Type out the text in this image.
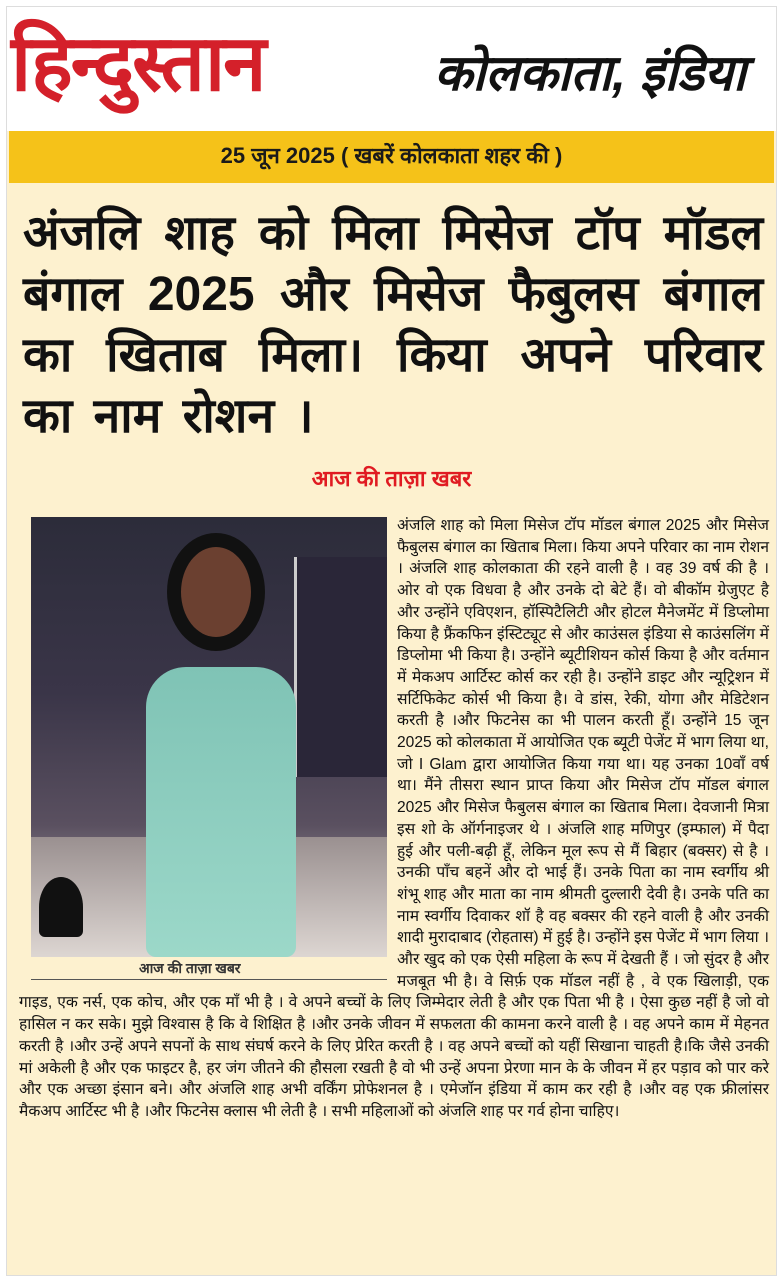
हिन्दुस्तान	कोलकाता, इंडिया
25 जून 2025 ( खबरें कोलकाता शहर की )
अंजलि शाह को मिला मिसेज टॉप मॉडल बंगाल 2025 और मिसेज फैबुलस बंगाल का खिताब मिला। किया अपने परिवार का नाम रोशन ।
आज की ताज़ा खबर
आज की ताज़ा खबर
अंजलि शाह को मिला मिसेज टॉप मॉडल बंगाल 2025 और मिसेज फैबुलस बंगाल का खिताब मिला। किया अपने परिवार का नाम रोशन । अंजलि शाह कोलकाता की रहने वाली है । वह 39 वर्ष की है । ओर वो एक विधवा है और उनके दो बेटे हैं। वो बीकॉम ग्रेजुएट है और उन्होंने एविएशन, हॉस्पिटैलिटी और होटल मैनेजमेंट में डिप्लोमा किया है फ्रैंकफिन इंस्टिट्यूट से और काउंसल इंडिया से काउंसलिंग में डिप्लोमा भी किया है। उन्होंने ब्यूटीशियन कोर्स किया है और वर्तमान में मेकअप आर्टिस्ट कोर्स कर रही है। उन्होंने डाइट और न्यूट्रिशन में सर्टिफिकेट कोर्स भी किया है। वे डांस, रेकी, योगा और मेडिटेशन करती है ।और फिटनेस का भी पालन करती हूँ। उन्होंने 15 जून 2025 को कोलकाता में आयोजित एक ब्यूटी पेजेंट में भाग लिया था, जो I Glam द्वारा आयोजित किया गया था। यह उनका 10वाँ वर्ष था। मैंने तीसरा स्थान प्राप्त किया और मिसेज टॉप मॉडल बंगाल 2025 और मिसेज फैबुलस बंगाल का खिताब मिला। देवजानी मित्रा इस शो के ऑर्गनाइजर थे । अंजलि शाह मणिपुर (इम्फाल) में पैदा हुई और पली-बढ़ी हूँ, लेकिन मूल रूप से मैं बिहार (बक्सर) से है । उनकी पाँच बहनें और दो भाई हैं। उनके पिता का नाम स्वर्गीय श्री शंभू शाह और माता का नाम श्रीमती दुल्लारी देवी है। उनके पति का नाम स्वर्गीय दिवाकर शॉ है वह बक्सर की रहने वाली है और उनकी शादी मुरादाबाद (रोहतास) में हुई है। उन्होंने इस पेजेंट में भाग लिया । और खुद को एक ऐसी महिला के रूप में देखती हैं । जो सुंदर है और मजबूत भी है। वे सिर्फ़ एक मॉडल नहीं है , वे एक खिलाड़ी, एक गाइड, एक नर्स, एक कोच, और एक माँ भी है । वे अपने बच्चों के लिए जिम्मेदार लेती है और एक पिता भी है । ऐसा कुछ नहीं है जो वो हासिल न कर सके। मुझे विश्वास है कि वे शिक्षित है ।और उनके जीवन में सफलता की कामना करने वाली है । वह अपने काम में मेहनत करती है ।और उन्हें अपने सपनों के साथ संघर्ष करने के लिए प्रेरित करती है । वह अपने बच्चों को यहीं सिखाना चाहती है।कि जैसे उनकी मां अकेली है और एक फाइटर है, हर जंग जीतने की हौसला रखती है वो भी उन्हें अपना प्रेरणा मान के के जीवन में हर पड़ाव को पार करे और एक अच्छा इंसान बने। और अंजलि शाह अभी वर्किंग प्रोफेशनल है । एमेजॉन इंडिया में काम कर रही है ।और वह एक फ्रीलांसर मैकअप आर्टिस्ट भी है ।और फिटनेस क्लास भी लेती है । सभी महिलाओं को अंजलि शाह पर गर्व होना चाहिए।
